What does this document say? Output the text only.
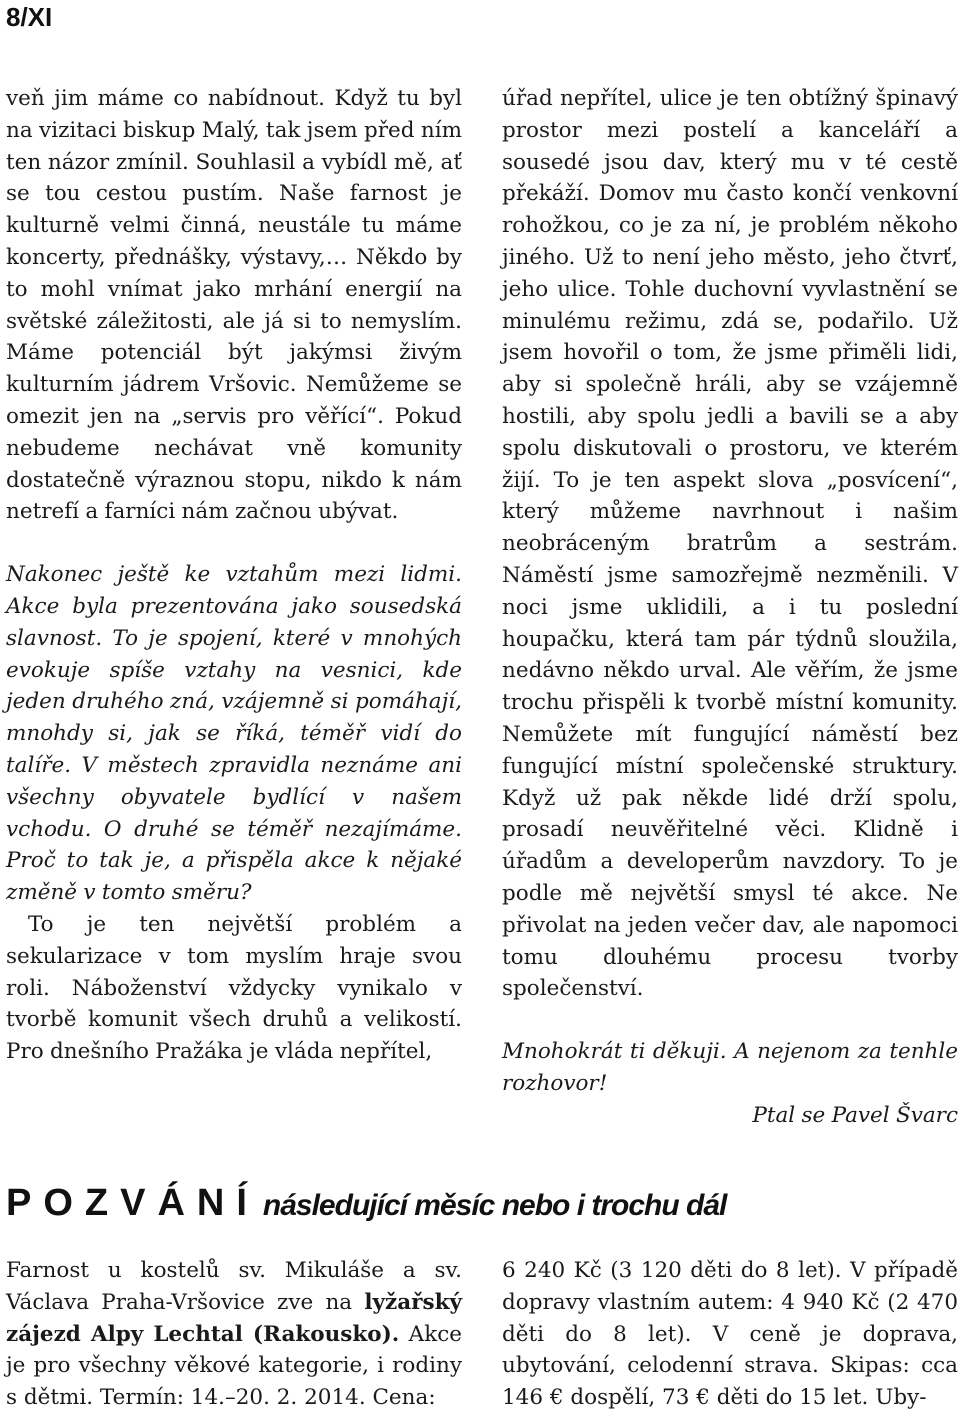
8/XI

veň jim máme co nabídnout. Když tu byl na vizitaci biskup Malý, tak jsem před ním ten názor zmínil. Souhlasil a vybídl mě, ať se tou cestou pustím. Naše farnost je kulturně velmi činná, neustále tu máme koncerty, přednášky, výstavy,… Někdo by to mohl vnímat jako mrhání energií na světské záležitosti, ale já si to nemyslím. Máme potenciál být jakýmsi živým kulturním jádrem Vršovic. Nemůžeme se omezit jen na „servis pro věřící“. Pokud nebudeme nechávat vně komunity dostatečně výraznou stopu, nikdo k nám netrefí a farníci nám začnou ubývat.

Nakonec ještě ke vztahům mezi lidmi. Akce byla prezentována jako sousedská slavnost. To je spojení, které v mnohých evokuje spíše vztahy na vesnici, kde jeden druhého zná, vzájemně si pomáhají, mnohdy si, jak se říká, téměř vidí do talíře. V městech zpravidla neznáme ani všechny obyvatele bydlící v našem vchodu. O druhé se téměř nezajímáme. Proč to tak je, a přispěla akce k nějaké změně v tomto směru?

To je ten největší problém a sekularizace v tom myslím hraje svou roli. Náboženství vždycky vynikalo v tvorbě komunit všech druhů a velikostí. Pro dnešního Pražáka je vláda nepřítel,

úřad nepřítel, ulice je ten obtížný špinavý prostor mezi postelí a kanceláří a sousedé jsou dav, který mu v té cestě překáží. Domov mu často končí venkovní rohožkou, co je za ní, je problém někoho jiného. Už to není jeho město, jeho čtvrť, jeho ulice. Tohle duchovní vyvlastnění se minulému režimu, zdá se, podařilo. Už jsem hovořil o tom, že jsme přiměli lidi, aby si společně hráli, aby se vzájemně hostili, aby spolu jedli a bavili se a aby spolu diskutovali o prostoru, ve kterém žijí. To je ten aspekt slova „posvícení“, který můžeme navrhnout i našim neobráceným bratrům a sestrám. Náměstí jsme samozřejmě nezměnili. V noci jsme uklidili, a i tu poslední houpačku, která tam pár týdnů sloužila, nedávno někdo urval. Ale věřím, že jsme trochu přispěli k tvorbě místní komunity. Nemůžete mít fungující náměstí bez fungující místní společenské struktury. Když už pak někde lidé drží spolu, prosadí neuvěřitelné věci. Klidně i úřadům a developerům navzdory. To je podle mě největší smysl té akce. Ne přivolat na jeden večer dav, ale napomoci tomu dlouhému procesu tvorby společenství.

Mnohokrát ti děkuji. A nejenom za tenhle rozhovor!

Ptal se Pavel Švarc

POZVÁNÍ následující měsíc nebo i trochu dál

Farnost u kostelů sv. Mikuláše a sv. Václava Praha-Vršovice zve na lyžařský zájezd Alpy Lechtal (Rakousko). Akce je pro všechny věkové kategorie, i rodiny s dětmi. Termín: 14.–20. 2. 2014. Cena:

6 240 Kč (3 120 děti do 8 let). V případě dopravy vlastním autem: 4 940 Kč (2 470 děti do 8 let). V ceně je doprava, ubytování, celodenní strava. Skipas: cca 146 € dospělí, 73 € děti do 15 let. Uby-
